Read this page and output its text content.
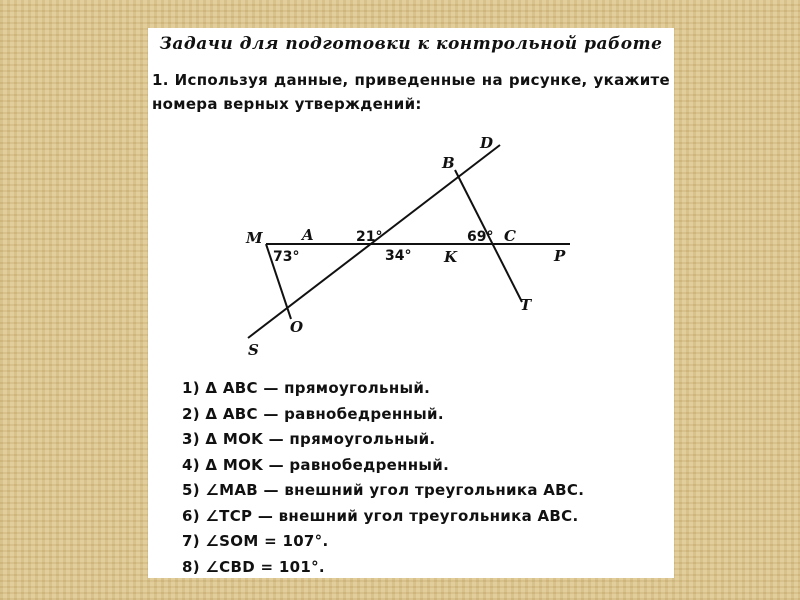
Задачи для подготовки к контрольной работе
1. Используя данные, приведенные на рисунке, укажите номера верных утверждений:
D
B
M	A	C
K	P
T
O
S
21°	69°
73°	34°
1) Δ ABC — прямоугольный.
2) Δ ABC — равнобедренный.
3) Δ MOK — прямоугольный.
4) Δ MOK — равнобедренный.
5) ∠MAB — внешний угол треугольника ABC.
6) ∠TCP — внешний угол треугольника ABC.
7) ∠SOM = 107°.
8) ∠CBD = 101°.
